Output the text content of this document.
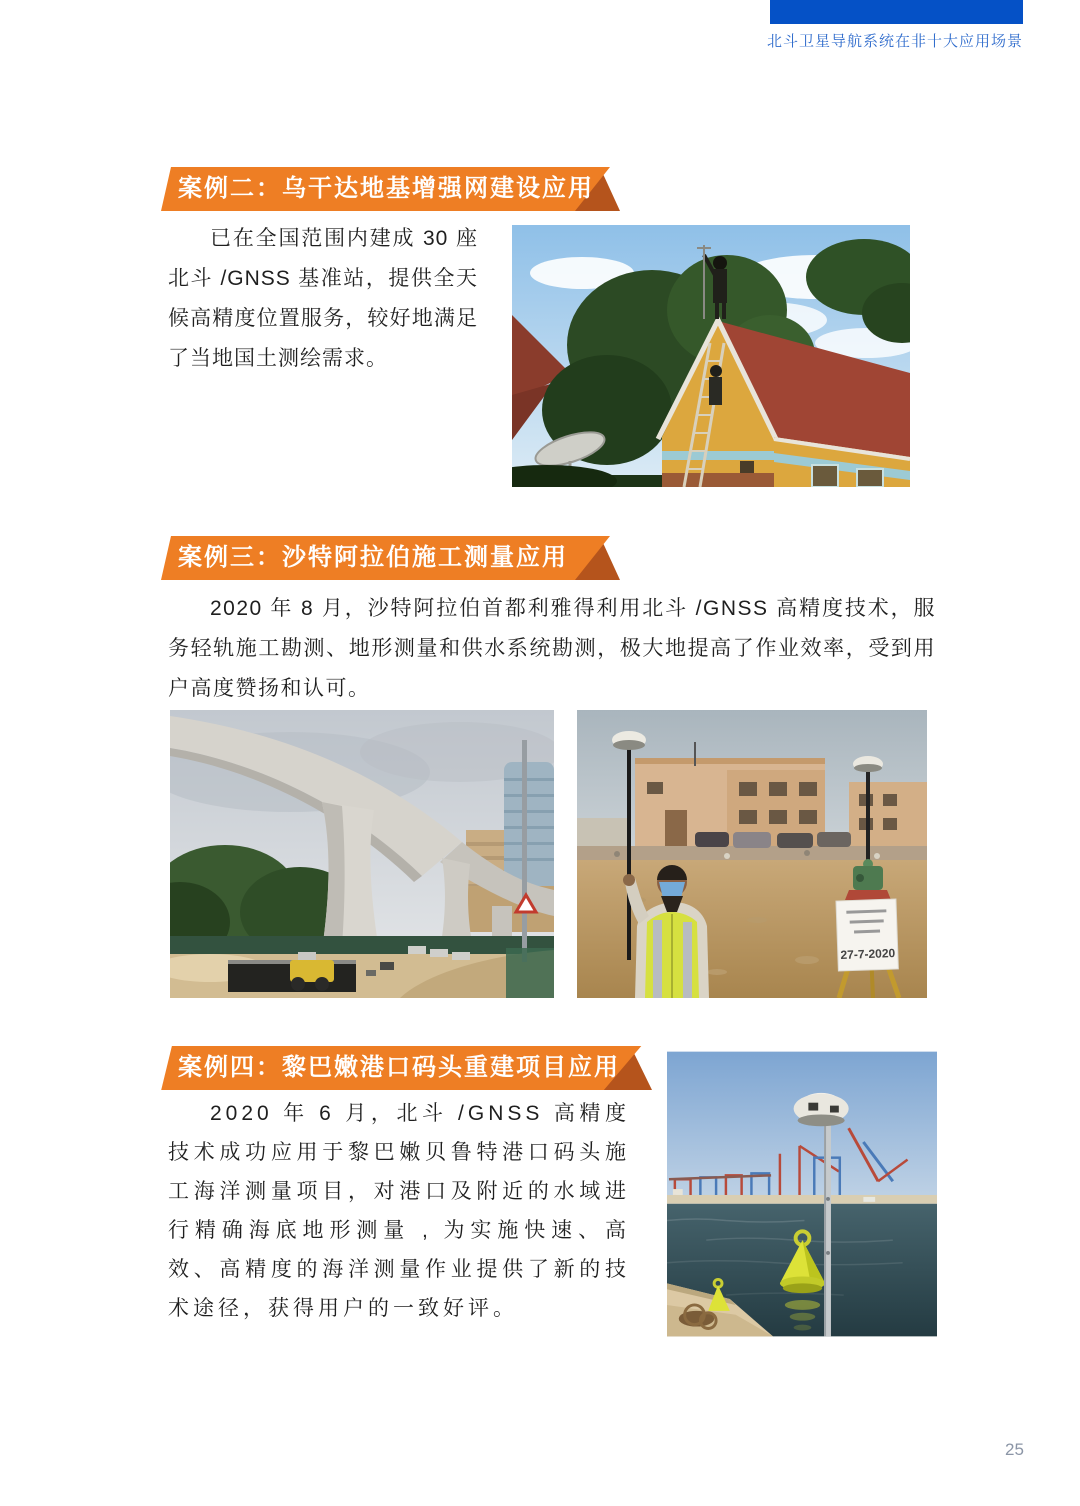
北斗卫星导航系统在非十大应用场景
案例二：乌干达地基增强网建设应用
已在全国范围内建成 30 座北斗 /GNSS 基准站，提供全天候高精度位置服务，较好地满足了当地国土测绘需求。
案例三：沙特阿拉伯施工测量应用
2020 年 8 月，沙特阿拉伯首都利雅得利用北斗 /GNSS 高精度技术，服务轻轨施工勘测、地形测量和供水系统勘测，极大地提高了作业效率，受到用户高度赞扬和认可。
27-7-2020
案例四：黎巴嫩港口码头重建项目应用
2020 年 6 月，北斗 /GNSS 高精度技术成功应用于黎巴嫩贝鲁特港口码头施工海洋测量项目，对港口及附近的水域进行精确海底地形测量 , 为实施快速、高效、高精度的海洋测量作业提供了新的技术途径，获得用户的一致好评。
25
